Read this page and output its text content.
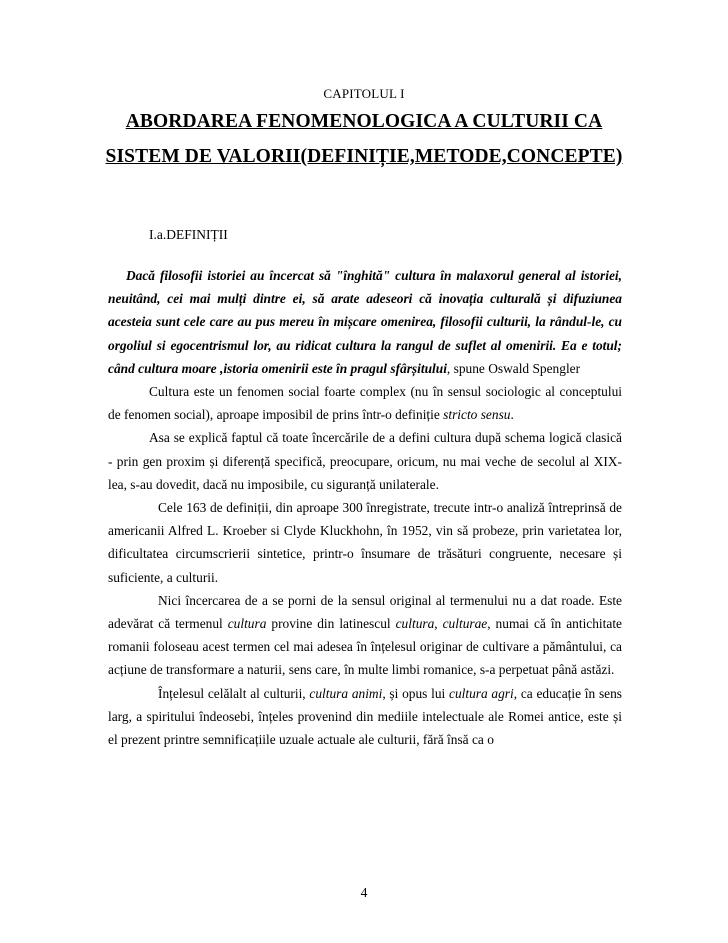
CAPITOLUL I
ABORDAREA FENOMENOLOGICA A CULTURII CA
SISTEM DE VALORII(DEFINIȚIE,METODE,CONCEPTE)
I.a.DEFINIȚII

Dacă filosofii istoriei au încercat să "înghită" cultura în malaxorul general al istoriei, neuitând, cei mai mulți dintre ei, să arate adeseori că inovația culturală și difuziunea acesteia sunt cele care au pus mereu în mișcare omenirea, filosofii culturii, la rândul-le, cu orgoliul si egocentrismul lor, au ridicat cultura la rangul de suflet al omenirii. Ea e totul; când cultura moare ,istoria omenirii este în pragul sfârșitului, spune Oswald Spengler

Cultura este un fenomen social foarte complex (nu în sensul sociologic al conceptului de fenomen social), aproape imposibil de prins într-o definiție stricto sensu.

Asa se explică faptul că toate încercările de a defini cultura după schema logică clasică - prin gen proxim și diferență specifică, preocupare, oricum, nu mai veche de secolul al XIX-lea, s-au dovedit, dacă nu imposibile, cu siguranță unilaterale.

Cele 163 de definiții, din aproape 300 înregistrate, trecute intr-o analiză întreprinsă de americanii Alfred L. Kroeber si Clyde Kluckhohn, în 1952, vin să probeze, prin varietatea lor, dificultatea circumscrierii sintetice, printr-o însumare de trăsături congruente, necesare și suficiente, a culturii.

Nici încercarea de a se porni de la sensul original al termenului nu a dat roade. Este adevărat că termenul cultura provine din latinescul cultura, culturae, numai că în antichitate romanii foloseau acest termen cel mai adesea în înțelesul originar de cultivare a pământului, ca acțiune de transformare a naturii, sens care, în multe limbi romanice, s-a perpetuat până astăzi.

Înțelesul celălalt al culturii, cultura animi, și opus lui cultura agri, ca educație în sens larg, a spiritului îndeosebi, înțeles provenind din mediile intelectuale ale Romei antice, este și el prezent printre semnificațiile uzuale actuale ale culturii, fără însă ca o

4
